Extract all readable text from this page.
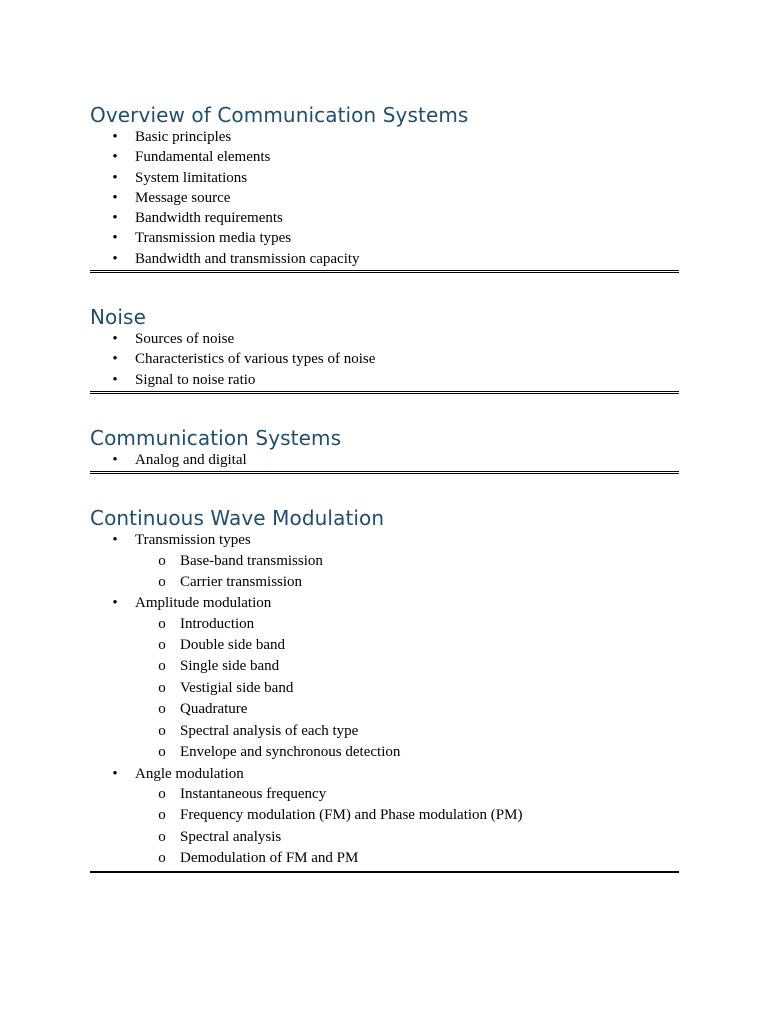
Overview of Communication Systems
• Basic principles
• Fundamental elements
• System limitations
• Message source
• Bandwidth requirements
• Transmission media types
• Bandwidth and transmission capacity
Noise
• Sources of noise
• Characteristics of various types of noise
• Signal to noise ratio
Communication Systems
• Analog and digital
Continuous Wave Modulation
• Transmission types
o Base-band transmission
o Carrier transmission
• Amplitude modulation
o Introduction
o Double side band
o Single side band
o Vestigial side band
o Quadrature
o Spectral analysis of each type
o Envelope and synchronous detection
• Angle modulation
o Instantaneous frequency
o Frequency modulation (FM) and Phase modulation (PM)
o Spectral analysis
o Demodulation of FM and PM
